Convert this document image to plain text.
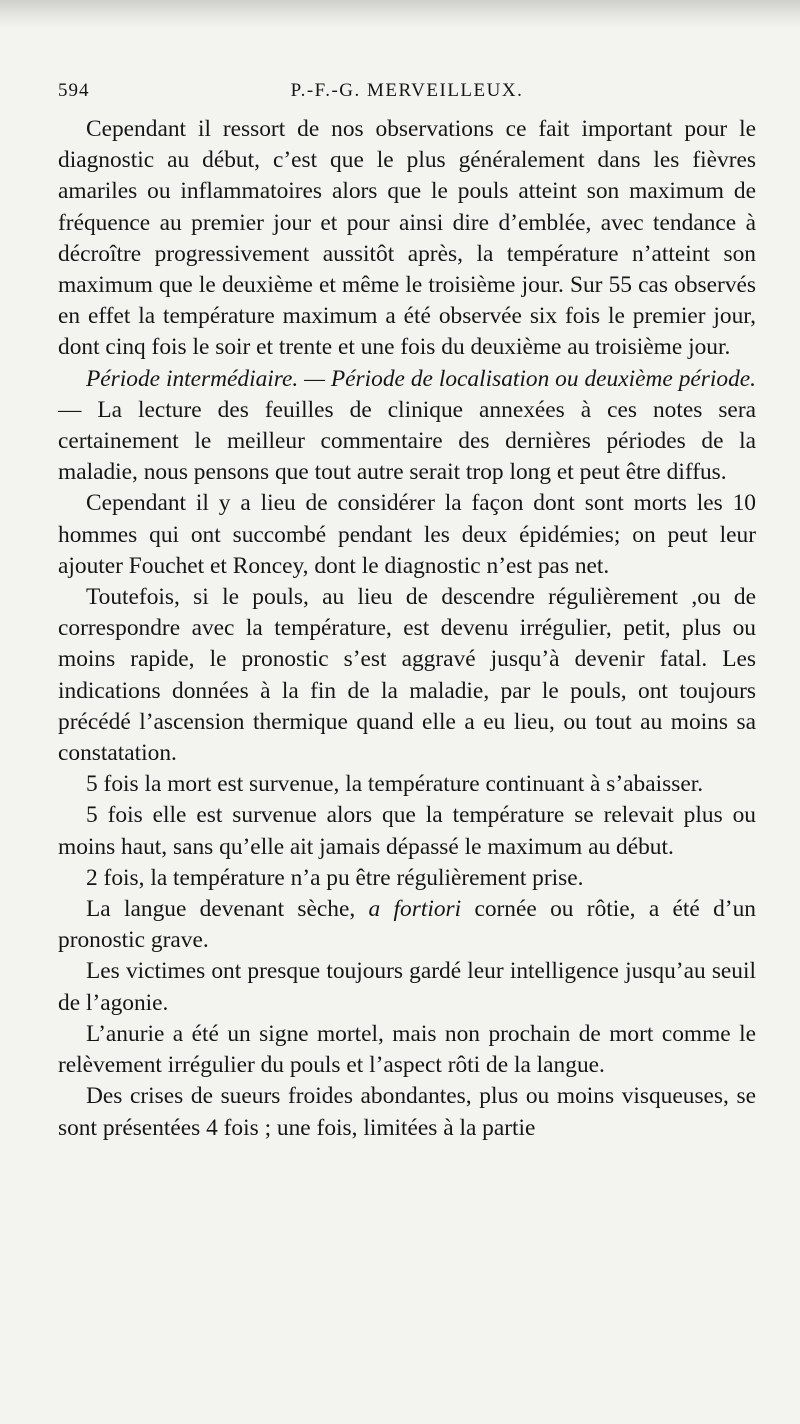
594	P.-F.-G. MERVEILLEUX.

Cependant il ressort de nos observations ce fait important pour le diagnostic au début, c’est que le plus généralement dans les fièvres amariles ou inflammatoires alors que le pouls atteint son maximum de fréquence au premier jour et pour ainsi dire d’emblée, avec tendance à décroître progressivement aussitôt après, la température n’atteint son maximum que le deuxième et même le troisième jour. Sur 55 cas observés en effet la température maximum a été observée six fois le premier jour, dont cinq fois le soir et trente et une fois du deuxième au troisième jour.

Période intermédiaire. — Période de localisation ou deuxième période. — La lecture des feuilles de clinique annexées à ces notes sera certainement le meilleur commentaire des dernières périodes de la maladie, nous pensons que tout autre serait trop long et peut être diffus.

Cependant il y a lieu de considérer la façon dont sont morts les 10 hommes qui ont succombé pendant les deux épidémies; on peut leur ajouter Fouchet et Roncey, dont le diagnostic n’est pas net.

Toutefois, si le pouls, au lieu de descendre régulièrement ,ou de correspondre avec la température, est devenu irrégulier, petit, plus ou moins rapide, le pronostic s’est aggravé jusqu’à devenir fatal. Les indications données à la fin de la maladie, par le pouls, ont toujours précédé l’ascension thermique quand elle a eu lieu, ou tout au moins sa constatation.

5 fois la mort est survenue, la température continuant à s’abaisser.

5 fois elle est survenue alors que la température se relevait plus ou moins haut, sans qu’elle ait jamais dépassé le maximum au début.

2 fois, la température n’a pu être régulièrement prise.

La langue devenant sèche, a fortiori cornée ou rôtie, a été d’un pronostic grave.

Les victimes ont presque toujours gardé leur intelligence jusqu’au seuil de l’agonie.

L’anurie a été un signe mortel, mais non prochain de mort comme le relèvement irrégulier du pouls et l’aspect rôti de la langue.

Des crises de sueurs froides abondantes, plus ou moins visqueuses, se sont présentées 4 fois ; une fois, limitées à la partie
